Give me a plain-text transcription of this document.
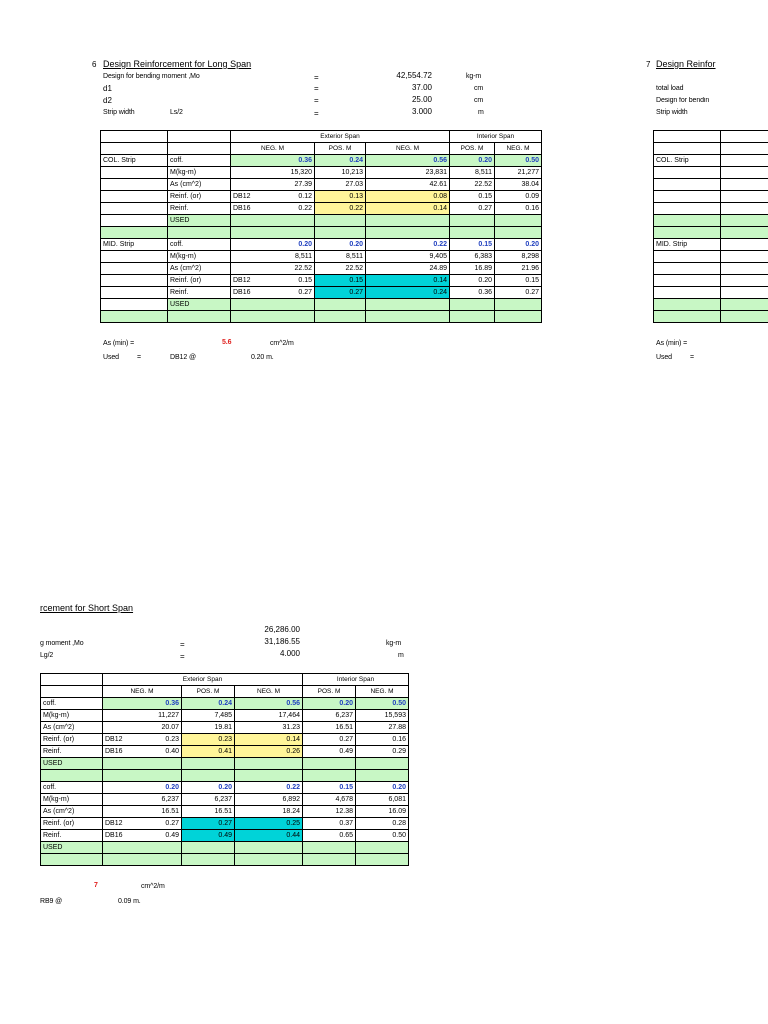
6 Design Reinforcement for Long Span
Design for bending moment ,Mo	=	42,554.72	kg-m
d1	=	37.00	cm
d2	=	25.00	cm
Strip width	Ls/2	=	3.000	m
		Exterior Span			Interior Span	
		NEG. M	POS. M	NEG. M	POS. M	NEG. M
COL. Strip	coff.	0.36	0.24	0.56	0.20	0.50
	M(kg-m)	15,320	10,213	23,831	8,511	21,277
	As (cm^2)	27.39	27.03	42.61	22.52	38.04
	Reinf. (or)	DB12 0.12	0.13	0.08	0.15	0.09
	Reinf.	DB16 0.22	0.22	0.14	0.27	0.16
	USED					

MID. Strip	coff.	0.20	0.20	0.22	0.15	0.20
	M(kg-m)	8,511	8,511	9,405	6,383	8,298
	As (cm^2)	22.52	22.52	24.89	16.89	21.96
	Reinf. (or)	DB12 0.15	0.15	0.14	0.20	0.15
	Reinf.	DB16 0.27	0.27	0.24	0.36	0.27
	USED					

As (min) =	5.6	cm^2/m
Used	=	DB12 @	0.20 m.
7 Design Reinfor
total load
Design for bendin
Strip width

COL. Strip	

MID. Strip	

As (min) =
Used	=
rcement for Short Span
26,286.00
g moment ,Mo	=	31,186.55	kg-m
Lg/2	=	4.000	m
	Exterior Span			Interior Span	
	NEG. M	POS. M	NEG. M	POS. M	NEG. M
coff.	0.36	0.24	0.56	0.20	0.50
M(kg-m)	11,227	7,485	17,464	6,237	15,593
As (cm^2)	20.07	19.81	31.23	16.51	27.88
Reinf. (or)	DB12 0.23	0.23	0.14	0.27	0.16
Reinf.	DB16 0.40	0.41	0.26	0.49	0.29
USED					

coff.	0.20	0.20	0.22	0.15	0.20
M(kg-m)	6,237	6,237	6,892	4,678	6,081
As (cm^2)	16.51	16.51	18.24	12.38	16.09
Reinf. (or)	DB12 0.27	0.27	0.25	0.37	0.28
Reinf.	DB16 0.49	0.49	0.44	0.65	0.50
USED					

7	cm^2/m
RB9 @	0.09 m.
